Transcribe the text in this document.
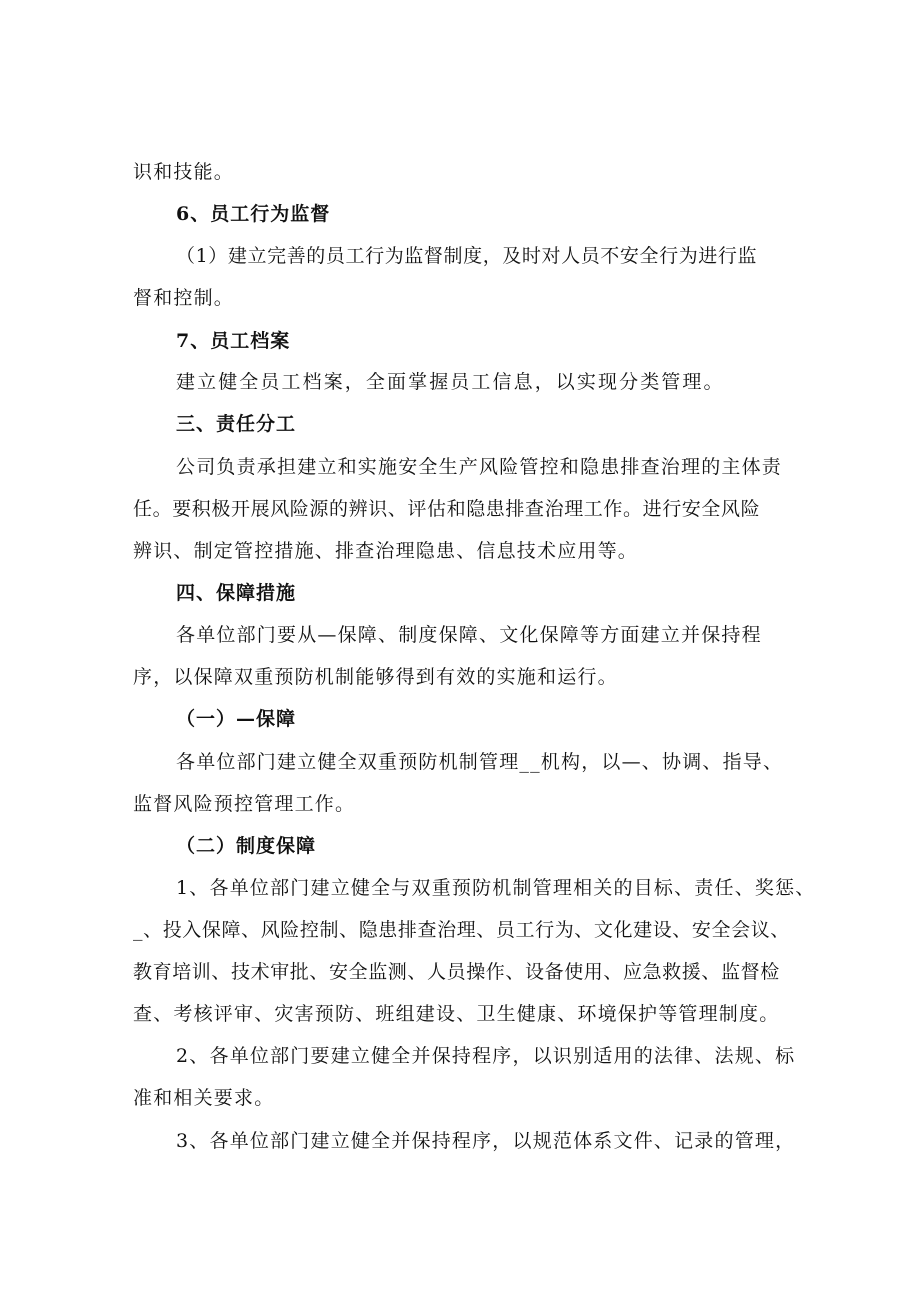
识和技能。
6、员工行为监督
（1）建立完善的员工行为监督制度，及时对人员不安全行为进行监
督和控制。
7、员工档案
建立健全员工档案，全面掌握员工信息，以实现分类管理。
三、责任分工
公司负责承担建立和实施安全生产风险管控和隐患排查治理的主体责
任。要积极开展风险源的辨识、评估和隐患排查治理工作。进行安全风险
辨识、制定管控措施、排查治理隐患、信息技术应用等。
四、保障措施
各单位部门要从—保障、制度保障、文化保障等方面建立并保持程
序，以保障双重预防机制能够得到有效的实施和运行。
（一）—保障
各单位部门建立健全双重预防机制管理__机构，以—、协调、指导、
监督风险预控管理工作。
（二）制度保障
1、各单位部门建立健全与双重预防机制管理相关的目标、责任、奖惩、
_、投入保障、风险控制、隐患排查治理、员工行为、文化建设、安全会议、
教育培训、技术审批、安全监测、人员操作、设备使用、应急救援、监督检
查、考核评审、灾害预防、班组建设、卫生健康、环境保护等管理制度。
2、各单位部门要建立健全并保持程序，以识别适用的法律、法规、标
准和相关要求。
3、各单位部门建立健全并保持程序，以规范体系文件、记录的管理，
